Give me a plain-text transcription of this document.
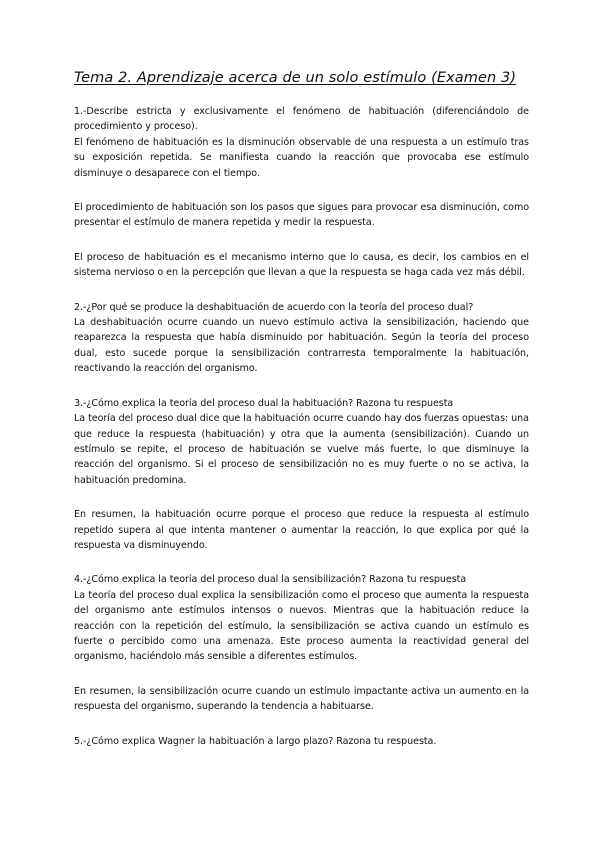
Tema 2. Aprendizaje acerca de un solo estímulo (Examen 3)

1.-Describe estricta y exclusivamente el fenómeno de habituación (diferenciándolo de procedimiento y proceso).

El fenómeno de habituación es la disminución observable de una respuesta a un estímulo tras su exposición repetida. Se manifiesta cuando la reacción que provocaba ese estímulo disminuye o desaparece con el tiempo.

El procedimiento de habituación son los pasos que sigues para provocar esa disminución, como presentar el estímulo de manera repetida y medir la respuesta.

El proceso de habituación es el mecanismo interno que lo causa, es decir, los cambios en el sistema nervioso o en la percepción que llevan a que la respuesta se haga cada vez más débil.

2.-¿Por qué se produce la deshabituación de acuerdo con la teoría del proceso dual?

La deshabituación ocurre cuando un nuevo estímulo activa la sensibilización, haciendo que reaparezca la respuesta que había disminuido por habituación. Según la teoría del proceso dual, esto sucede porque la sensibilización contrarresta temporalmente la habituación, reactivando la reacción del organismo.

3.-¿Cómo explica la teoría del proceso dual la habituación? Razona tu respuesta

La teoría del proceso dual dice que la habituación ocurre cuando hay dos fuerzas opuestas: una que reduce la respuesta (habituación) y otra que la aumenta (sensibilización). Cuando un estímulo se repite, el proceso de habituación se vuelve más fuerte, lo que disminuye la reacción del organismo. Si el proceso de sensibilización no es muy fuerte o no se activa, la habituación predomina.

En resumen, la habituación ocurre porque el proceso que reduce la respuesta al estímulo repetido supera al que intenta mantener o aumentar la reacción, lo que explica por qué la respuesta va disminuyendo.

4.-¿Cómo explica la teoría del proceso dual la sensibilización? Razona tu respuesta

La teoría del proceso dual explica la sensibilización como el proceso que aumenta la respuesta del organismo ante estímulos intensos o nuevos. Mientras que la habituación reduce la reacción con la repetición del estímulo, la sensibilización se activa cuando un estímulo es fuerte o percibido como una amenaza. Este proceso aumenta la reactividad general del organismo, haciéndolo más sensible a diferentes estímulos.

En resumen, la sensibilización ocurre cuando un estímulo impactante activa un aumento en la respuesta del organismo, superando la tendencia a habituarse.

5.-¿Cómo explica Wagner la habituación a largo plazo? Razona tu respuesta.
